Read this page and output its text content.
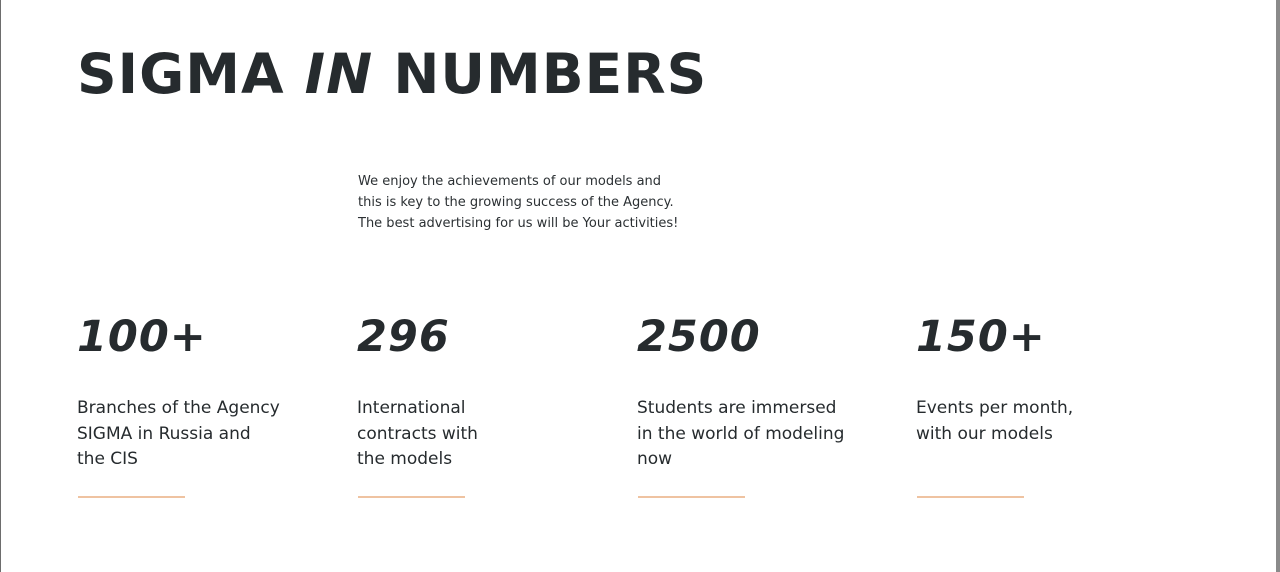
SIGMA IN NUMBERS

We enjoy the achievements of our models and

this is key to the growing success of the Agency.

The best advertising for us will be Your activities!

100+
Branches of the Agency
SIGMA in Russia and
the CIS
296
International
contracts with
the models
2500
Students are immersed
in the world of modeling
now
150+
Events per month,
with our models
